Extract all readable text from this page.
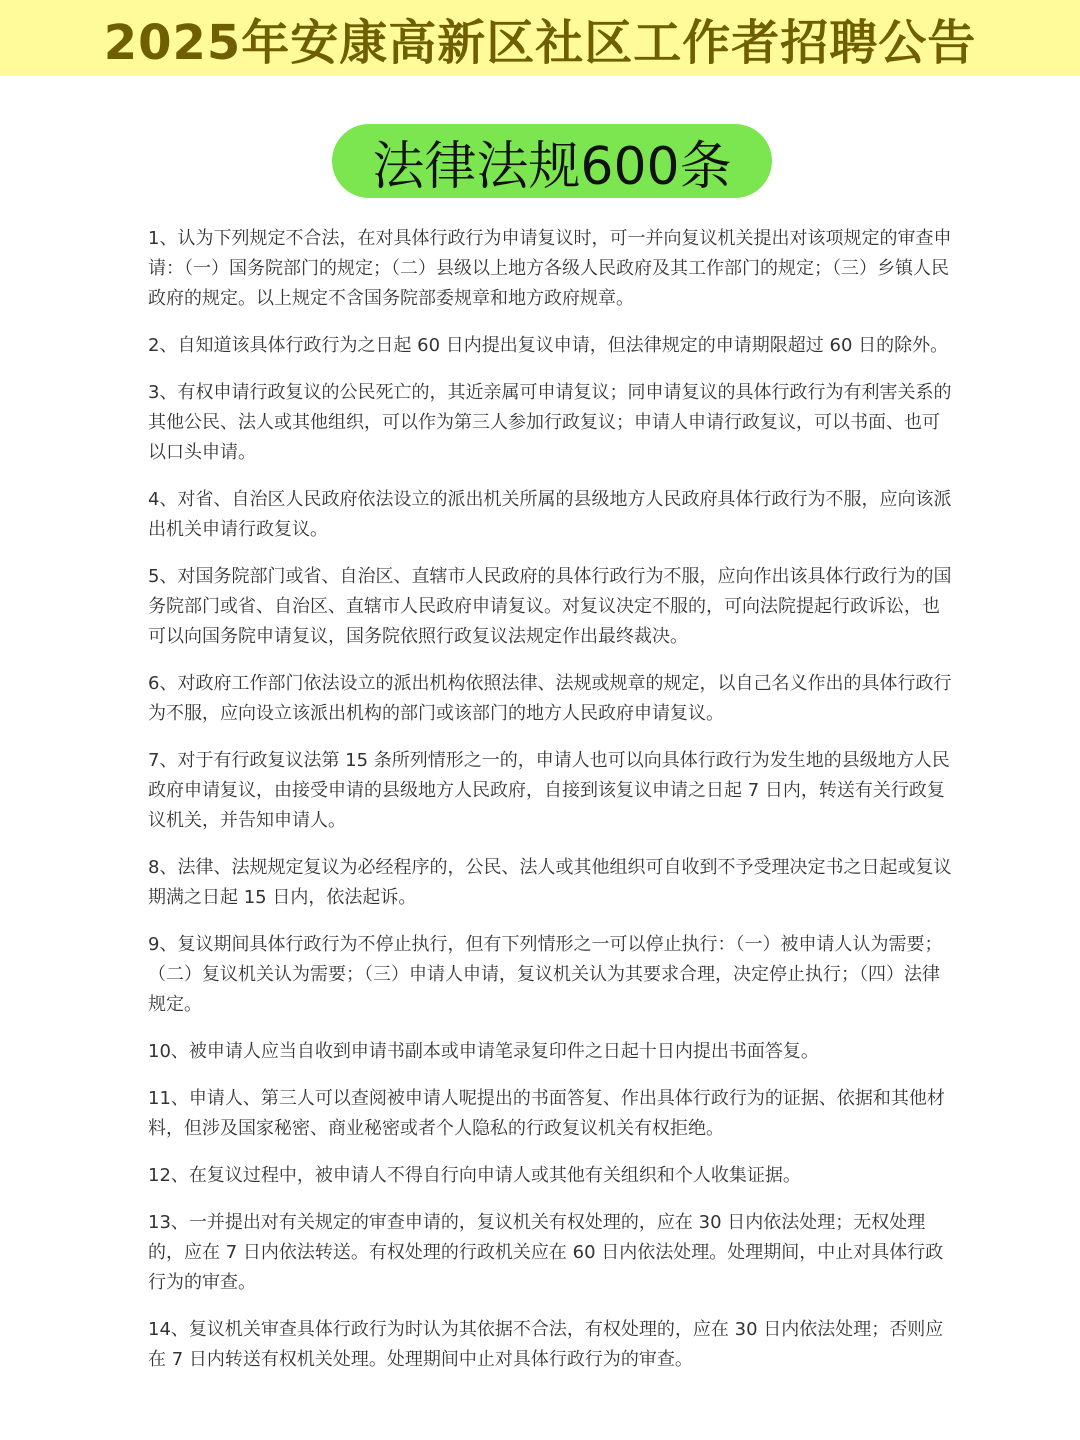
2025年安康高新区社区工作者招聘公告
法律法规600条

1、认为下列规定不合法，在对具体行政行为申请复议时，可一并向复议机关提出对该项规定的审查申请：（一）国务院部门的规定；（二）县级以上地方各级人民政府及其工作部门的规定；（三）乡镇人民政府的规定。以上规定不含国务院部委规章和地方政府规章。

2、自知道该具体行政行为之日起 60 日内提出复议申请，但法律规定的申请期限超过 60 日的除外。

3、有权申请行政复议的公民死亡的，其近亲属可申请复议；同申请复议的具体行政行为有利害关系的其他公民、法人或其他组织，可以作为第三人参加行政复议；申请人申请行政复议，可以书面、也可以口头申请。

4、对省、自治区人民政府依法设立的派出机关所属的县级地方人民政府具体行政行为不服，应向该派出机关申请行政复议。

5、对国务院部门或省、自治区、直辖市人民政府的具体行政行为不服，应向作出该具体行政行为的国务院部门或省、自治区、直辖市人民政府申请复议。对复议决定不服的，可向法院提起行政诉讼，也可以向国务院申请复议，国务院依照行政复议法规定作出最终裁决。

6、对政府工作部门依法设立的派出机构依照法律、法规或规章的规定，以自己名义作出的具体行政行为不服，应向设立该派出机构的部门或该部门的地方人民政府申请复议。

7、对于有行政复议法第 15 条所列情形之一的，申请人也可以向具体行政行为发生地的县级地方人民政府申请复议，由接受申请的县级地方人民政府，自接到该复议申请之日起 7 日内，转送有关行政复议机关，并告知申请人。

8、法律、法规规定复议为必经程序的，公民、法人或其他组织可自收到不予受理决定书之日起或复议期满之日起 15 日内，依法起诉。

9、复议期间具体行政行为不停止执行，但有下列情形之一可以停止执行：（一）被申请人认为需要；（二）复议机关认为需要；（三）申请人申请，复议机关认为其要求合理，决定停止执行；（四）法律规定。

10、被申请人应当自收到申请书副本或申请笔录复印件之日起十日内提出书面答复。

11、申请人、第三人可以查阅被申请人呢提出的书面答复、作出具体行政行为的证据、依据和其他材料，但涉及国家秘密、商业秘密或者个人隐私的行政复议机关有权拒绝。

12、在复议过程中，被申请人不得自行向申请人或其他有关组织和个人收集证据。

13、一并提出对有关规定的审查申请的，复议机关有权处理的，应在 30 日内依法处理；无权处理的，应在 7 日内依法转送。有权处理的行政机关应在 60 日内依法处理。处理期间，中止对具体行政行为的审查。

14、复议机关审查具体行政行为时认为其依据不合法，有权处理的，应在 30 日内依法处理；否则应在 7 日内转送有权机关处理。处理期间中止对具体行政行为的审查。
